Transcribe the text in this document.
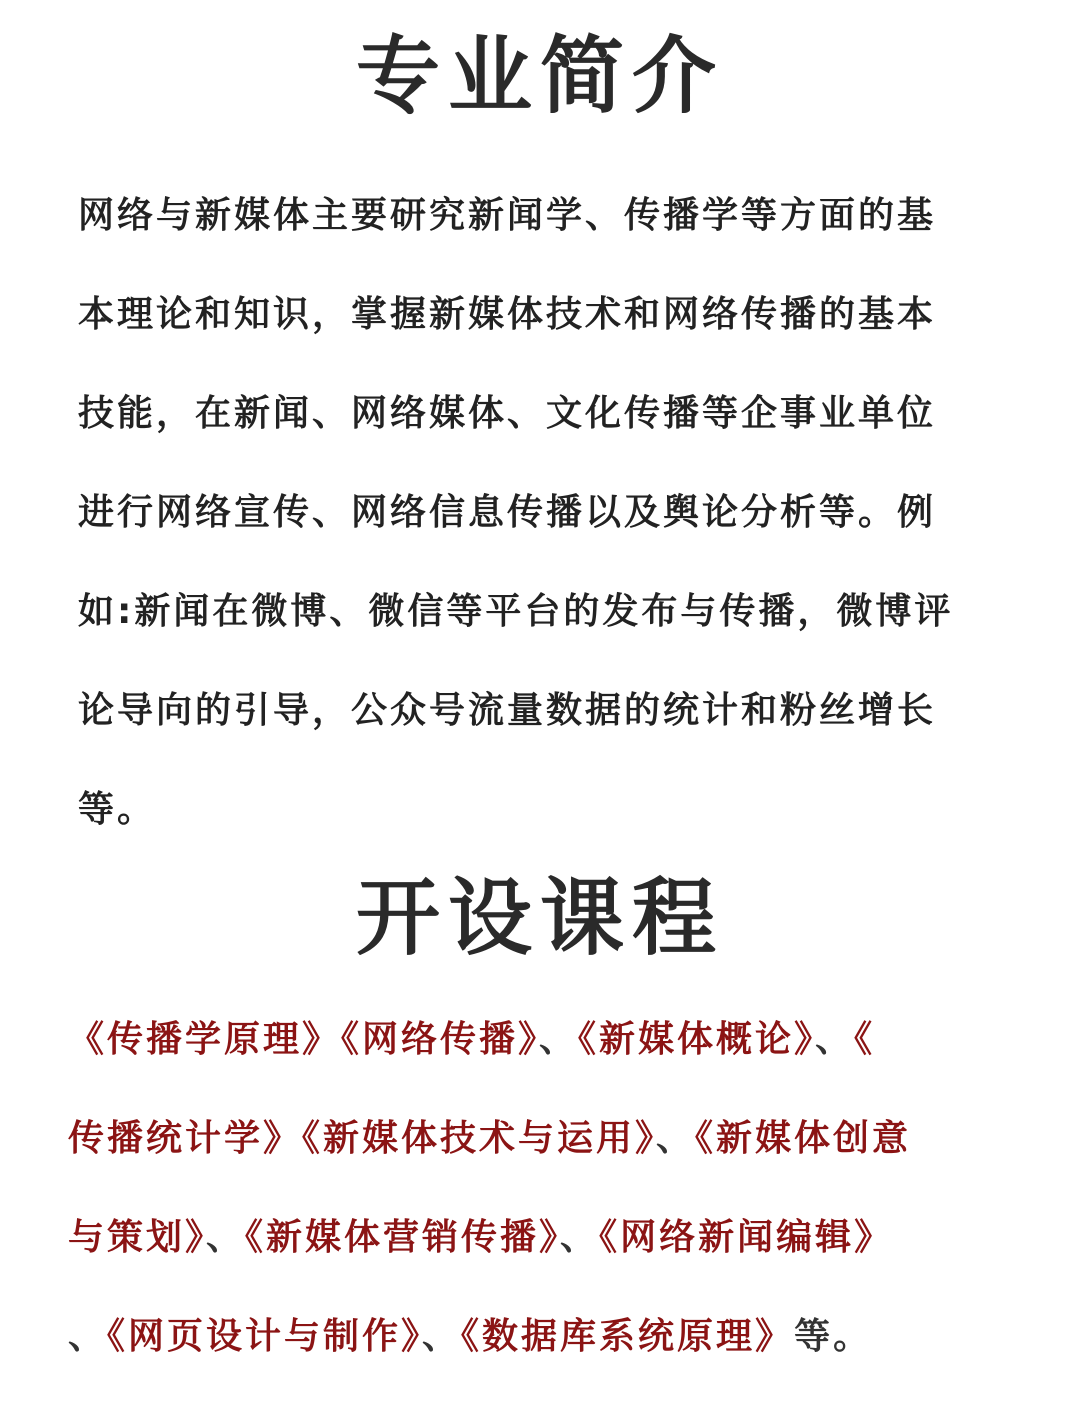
专业简介
网络与新媒体主要研究新闻学、传播学等方面的基
本理论和知识，掌握新媒体技术和网络传播的基本
技能，在新闻、网络媒体、文化传播等企事业单位
进行网络宣传、网络信息传播以及舆论分析等。例
如:新闻在微博、微信等平台的发布与传播，微博评
论导向的引导，公众号流量数据的统计和粉丝增长
等。
开设课程
《传播学原理》《网络传播》、《新媒体概论》、《
传播统计学》《新媒体技术与运用》、《新媒体创意
与策划》、《新媒体营销传播》、《网络新闻编辑》
、《网页设计与制作》、《数据库系统原理》等。
